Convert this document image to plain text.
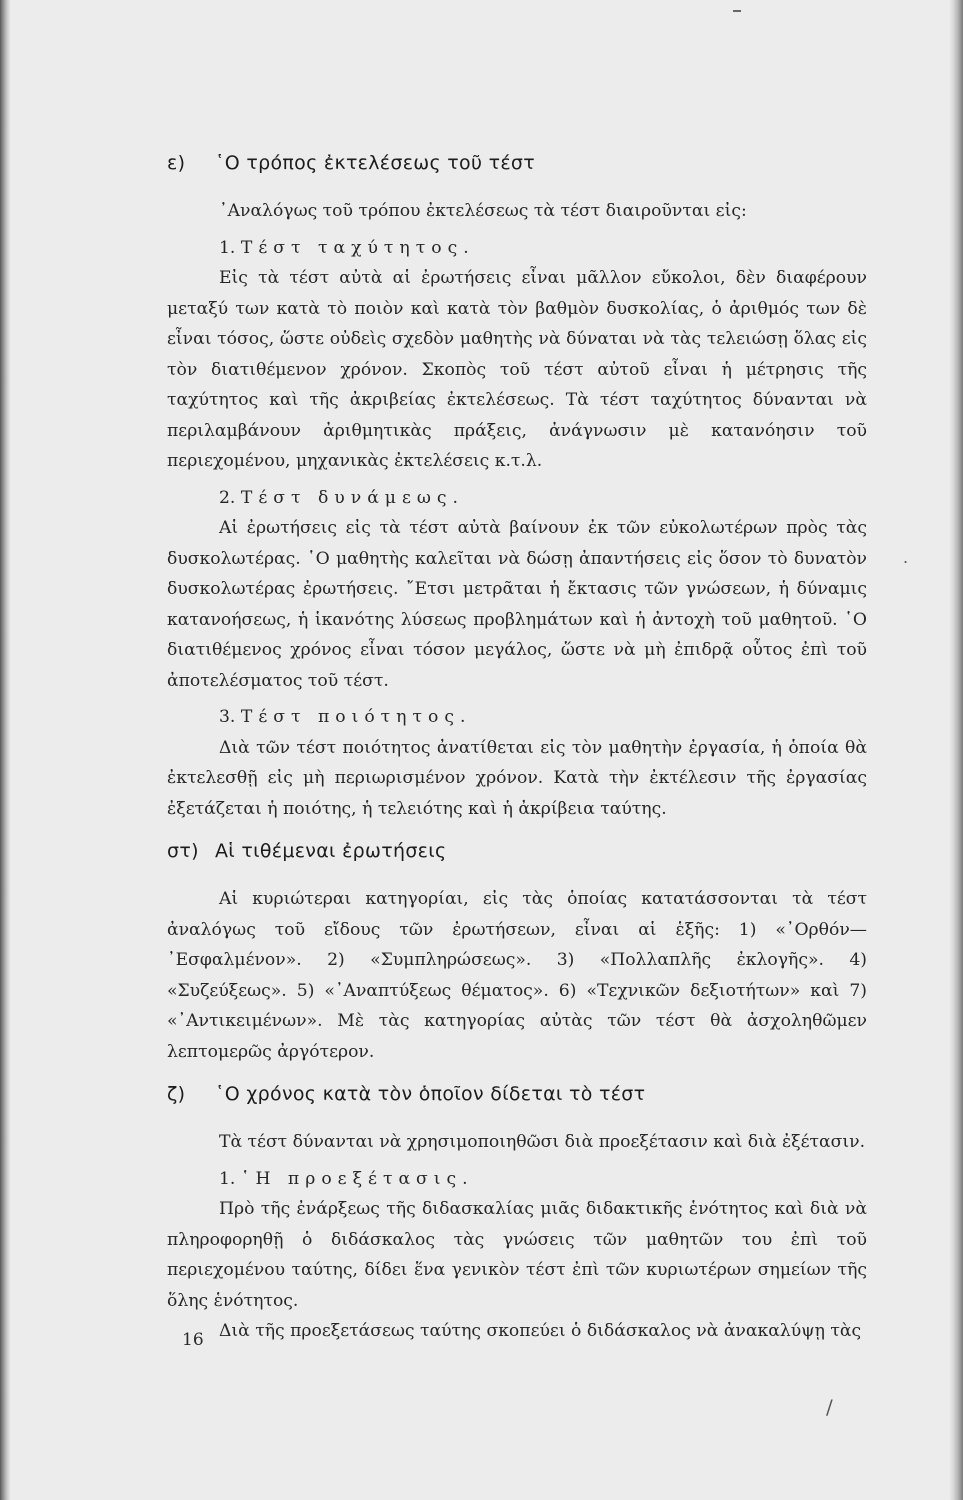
ε) ῾Ο τρόπος ἐκτελέσεως τοῦ τέστ

᾿Αναλόγως τοῦ τρόπου ἐκτελέσεως τὰ τέστ διαιροῦνται εἰς:

1. Τέστ ταχύτητος.

Εἰς τὰ τέστ αὐτὰ αἱ ἐρωτήσεις εἶναι μᾶλλον εὔκολοι, δὲν διαφέρουν μεταξύ των κατὰ τὸ ποιὸν καὶ κατὰ τὸν βαθμὸν δυσκολίας, ὁ ἀριθμός των δὲ εἶναι τόσος, ὥστε οὐδεὶς σχεδὸν μαθητὴς νὰ δύναται νὰ τὰς τελειώσῃ ὅλας εἰς τὸν διατιθέμενον χρόνον. Σκοπὸς τοῦ τέστ αὐτοῦ εἶναι ἡ μέτρησις τῆς ταχύτητος καὶ τῆς ἀκριβείας ἐκτελέσεως. Τὰ τέστ ταχύτητος δύνανται νὰ περιλαμβάνουν ἀριθμητικὰς πράξεις, ἀνάγνωσιν μὲ κατανόησιν τοῦ περιεχομένου, μηχανικὰς ἐκτελέσεις κ.τ.λ.

2. Τέστ δυνάμεως.

Αἱ ἐρωτήσεις εἰς τὰ τέστ αὐτὰ βαίνουν ἐκ τῶν εὐκολωτέρων πρὸς τὰς δυσκολωτέρας. ῾Ο μαθητὴς καλεῖται νὰ δώσῃ ἀπαντήσεις εἰς ὅσον τὸ δυνατὸν δυσκολωτέρας ἐρωτήσεις. ῎Ετσι μετρᾶται ἡ ἔκτασις τῶν γνώσεων, ἡ δύναμις κατανοήσεως, ἡ ἱκανότης λύσεως προβλημάτων καὶ ἡ ἀντοχὴ τοῦ μαθητοῦ. ῾Ο διατιθέμενος χρόνος εἶναι τόσον μεγάλος, ὥστε νὰ μὴ ἐπιδρᾷ οὗτος ἐπὶ τοῦ ἀποτελέσματος τοῦ τέστ.

3. Τέστ ποιότητος.

Διὰ τῶν τέστ ποιότητος ἀνατίθεται εἰς τὸν μαθητὴν ἐργασία, ἡ ὁποία θὰ ἐκτελεσθῇ εἰς μὴ περιωρισμένον χρόνον. Κατὰ τὴν ἐκτέλεσιν τῆς ἐργασίας ἐξετάζεται ἡ ποιότης, ἡ τελειότης καὶ ἡ ἀκρίβεια ταύτης.

στ) Αἱ τιθέμεναι ἐρωτήσεις

Αἱ κυριώτεραι κατηγορίαι, εἰς τὰς ὁποίας κατατάσσονται τὰ τέστ ἀναλόγως τοῦ εἴδους τῶν ἐρωτήσεων, εἶναι αἱ ἑξῆς: 1) «᾿Ορθόν—᾿Εσφαλμένον». 2) «Συμπληρώσεως». 3) «Πολλαπλῆς ἐκλογῆς». 4) «Συζεύξεως». 5) «᾿Αναπτύξεως θέματος». 6) «Τεχνικῶν δεξιοτήτων» καὶ 7) «᾿Αντικειμένων». Μὲ τὰς κατηγορίας αὐτὰς τῶν τέστ θὰ ἀσχοληθῶμεν λεπτομερῶς ἀργότερον.

ζ) ῾Ο χρόνος κατὰ τὸν ὁποῖον δίδεται τὸ τέστ

Τὰ τέστ δύνανται νὰ χρησιμοποιηθῶσι διὰ προεξέτασιν καὶ διὰ ἐξέτασιν.

1. ῾Η προεξέτασις.

Πρὸ τῆς ἐνάρξεως τῆς διδασκαλίας μιᾶς διδακτικῆς ἑνότητος καὶ διὰ νὰ πληροφορηθῇ ὁ διδάσκαλος τὰς γνώσεις τῶν μαθητῶν του ἐπὶ τοῦ περιεχομένου ταύτης, δίδει ἕνα γενικὸν τέστ ἐπὶ τῶν κυριωτέρων σημείων τῆς ὅλης ἑνότητος.

Διὰ τῆς προεξετάσεως ταύτης σκοπεύει ὁ διδάσκαλος νὰ ἀνακαλύψῃ τὰς

16
.
/
